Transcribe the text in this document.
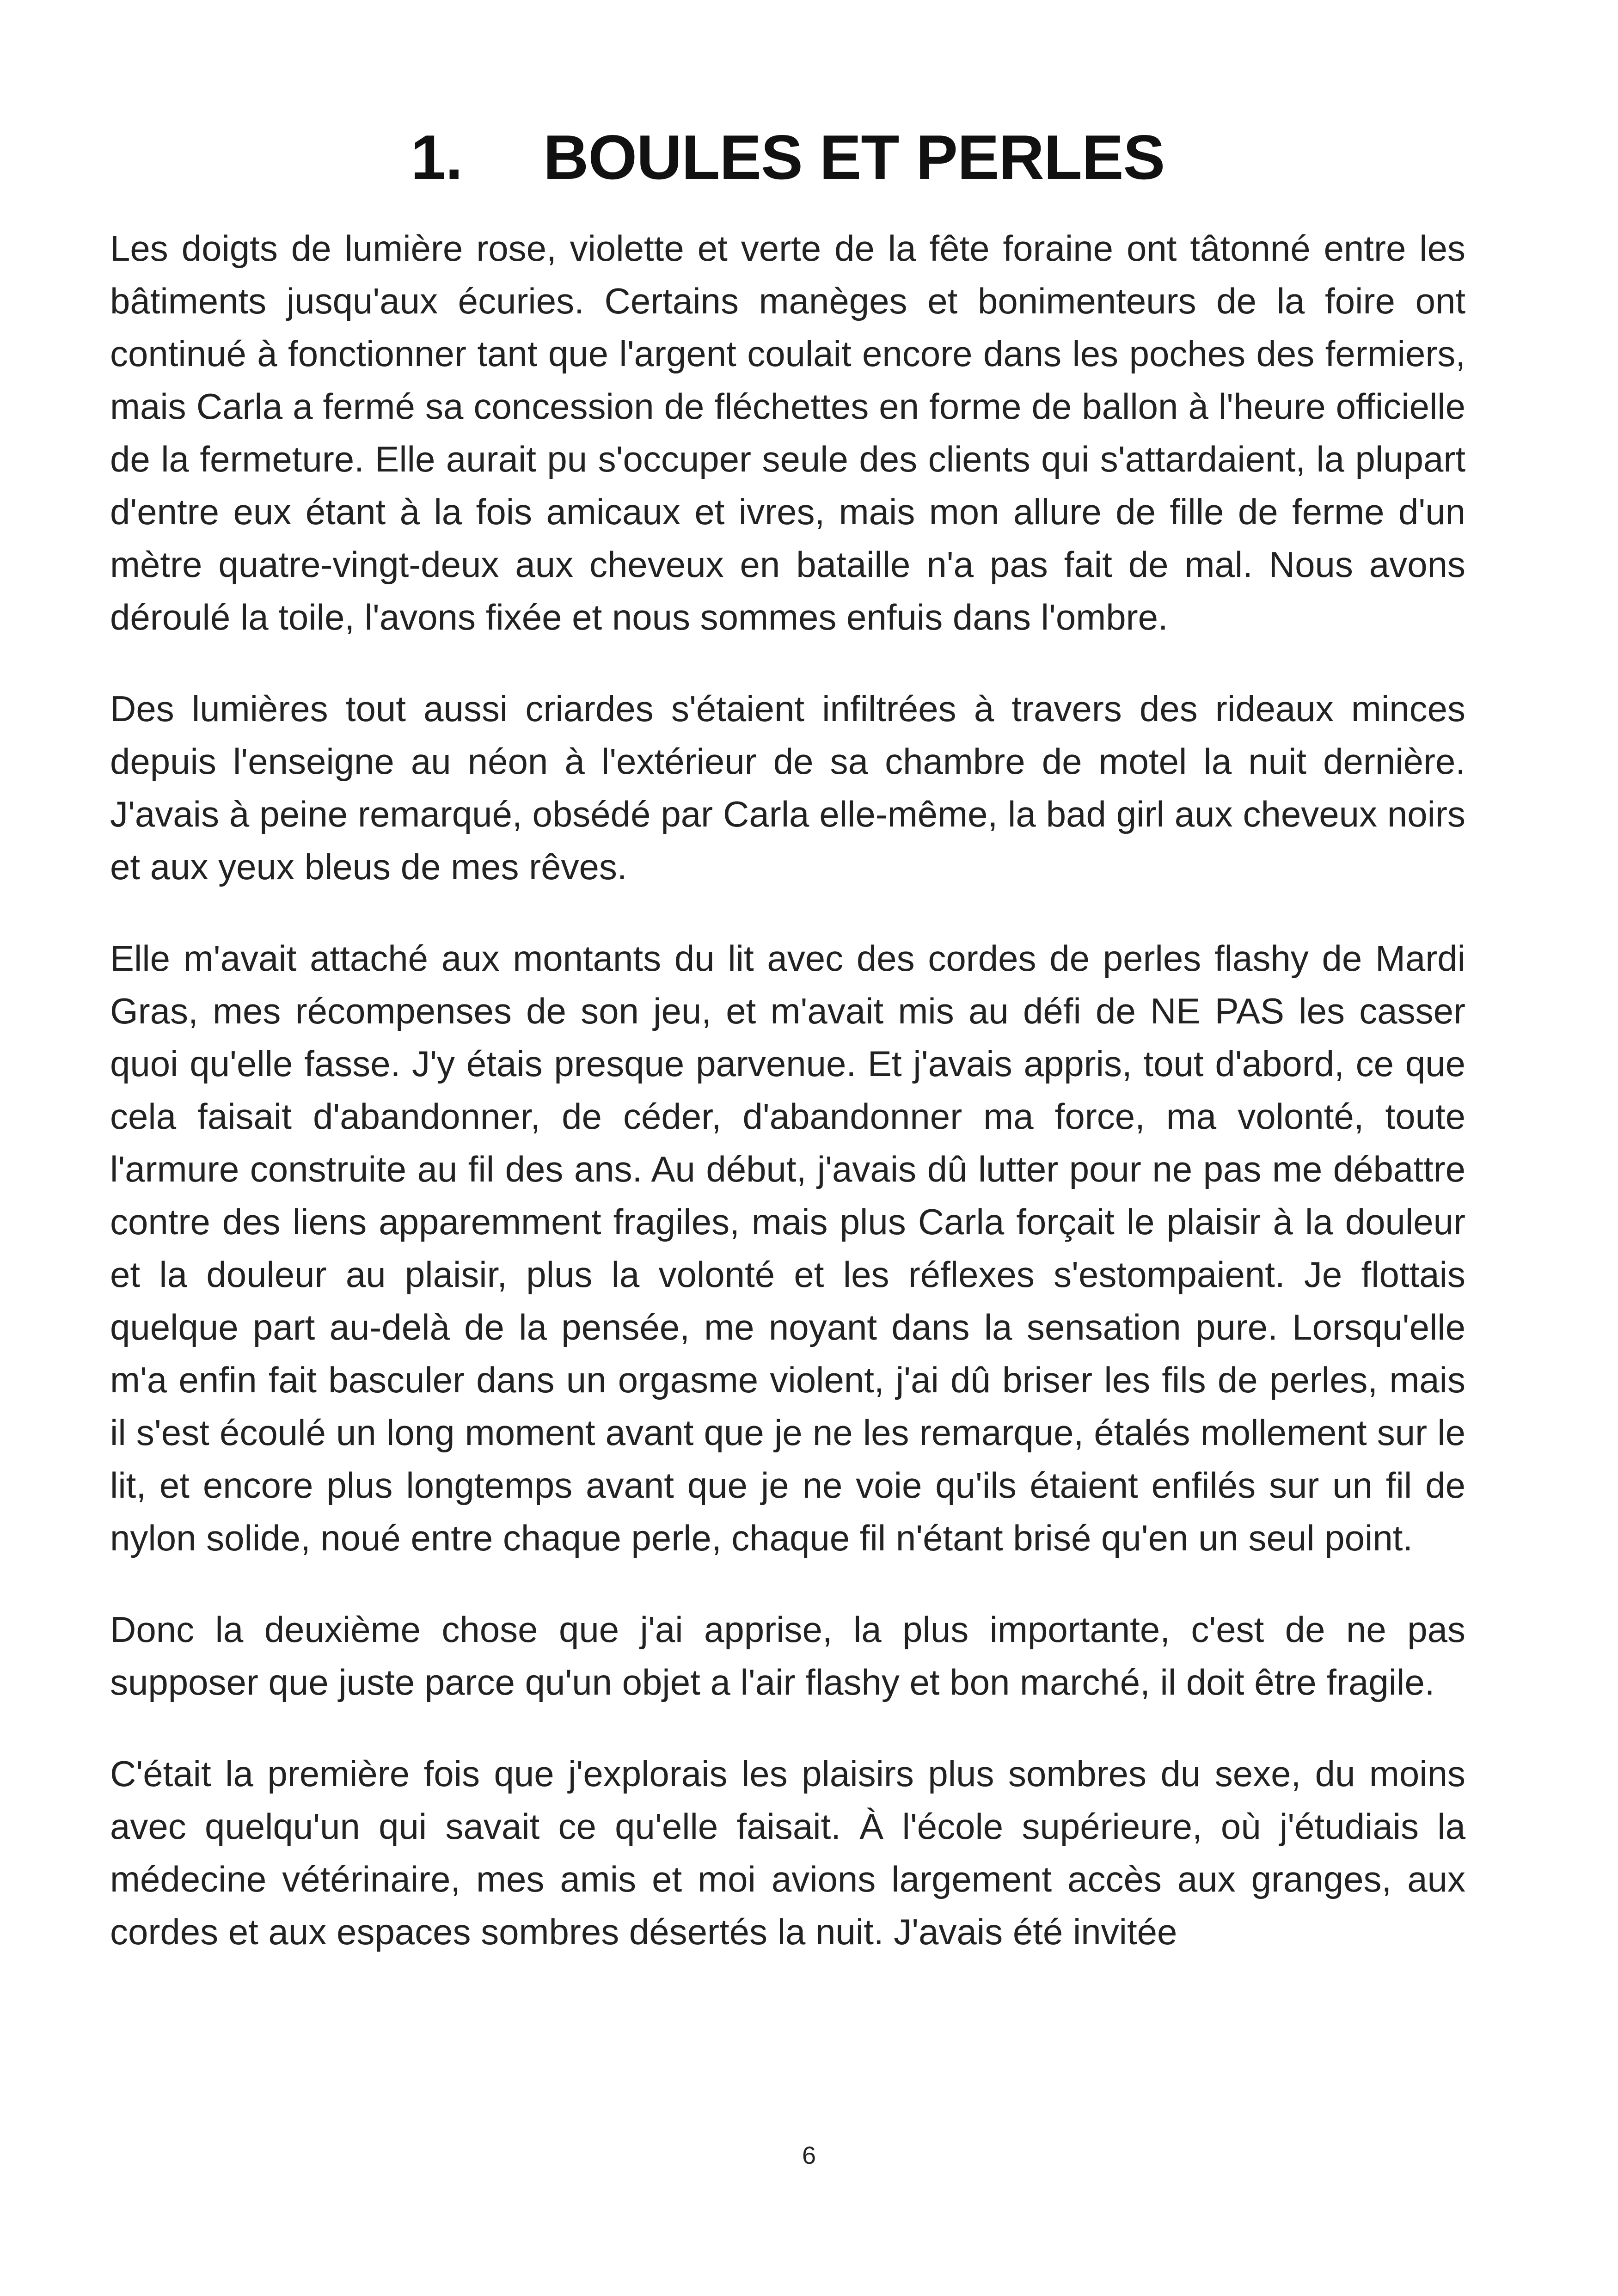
1. BOULES ET PERLES

Les doigts de lumière rose, violette et verte de la fête foraine ont tâtonné entre les bâtiments jusqu'aux écuries. Certains manèges et bonimenteurs de la foire ont continué à fonctionner tant que l'argent coulait encore dans les poches des fermiers, mais Carla a fermé sa concession de fléchettes en forme de ballon à l'heure officielle de la fermeture. Elle aurait pu s'occuper seule des clients qui s'attardaient, la plupart d'entre eux étant à la fois amicaux et ivres, mais mon allure de fille de ferme d'un mètre quatre-vingt-deux aux cheveux en bataille n'a pas fait de mal. Nous avons déroulé la toile, l'avons fixée et nous sommes enfuis dans l'ombre.

Des lumières tout aussi criardes s'étaient infiltrées à travers des rideaux minces depuis l'enseigne au néon à l'extérieur de sa chambre de motel la nuit dernière. J'avais à peine remarqué, obsédé par Carla elle-même, la bad girl aux cheveux noirs et aux yeux bleus de mes rêves.

Elle m'avait attaché aux montants du lit avec des cordes de perles flashy de Mardi Gras, mes récompenses de son jeu, et m'avait mis au défi de NE PAS les casser quoi qu'elle fasse. J'y étais presque parvenue. Et j'avais appris, tout d'abord, ce que cela faisait d'abandonner, de céder, d'abandonner ma force, ma volonté, toute l'armure construite au fil des ans. Au début, j'avais dû lutter pour ne pas me débattre contre des liens apparemment fragiles, mais plus Carla forçait le plaisir à la douleur et la douleur au plaisir, plus la volonté et les réflexes s'estompaient. Je flottais quelque part au-delà de la pensée, me noyant dans la sensation pure. Lorsqu'elle m'a enfin fait basculer dans un orgasme violent, j'ai dû briser les fils de perles, mais il s'est écoulé un long moment avant que je ne les remarque, étalés mollement sur le lit, et encore plus longtemps avant que je ne voie qu'ils étaient enfilés sur un fil de nylon solide, noué entre chaque perle, chaque fil n'étant brisé qu'en un seul point.

Donc la deuxième chose que j'ai apprise, la plus importante, c'est de ne pas supposer que juste parce qu'un objet a l'air flashy et bon marché, il doit être fragile.

C'était la première fois que j'explorais les plaisirs plus sombres du sexe, du moins avec quelqu'un qui savait ce qu'elle faisait. À l'école supérieure, où j'étudiais la médecine vétérinaire, mes amis et moi avions largement accès aux granges, aux cordes et aux espaces sombres désertés la nuit. J'avais été invitée

6
